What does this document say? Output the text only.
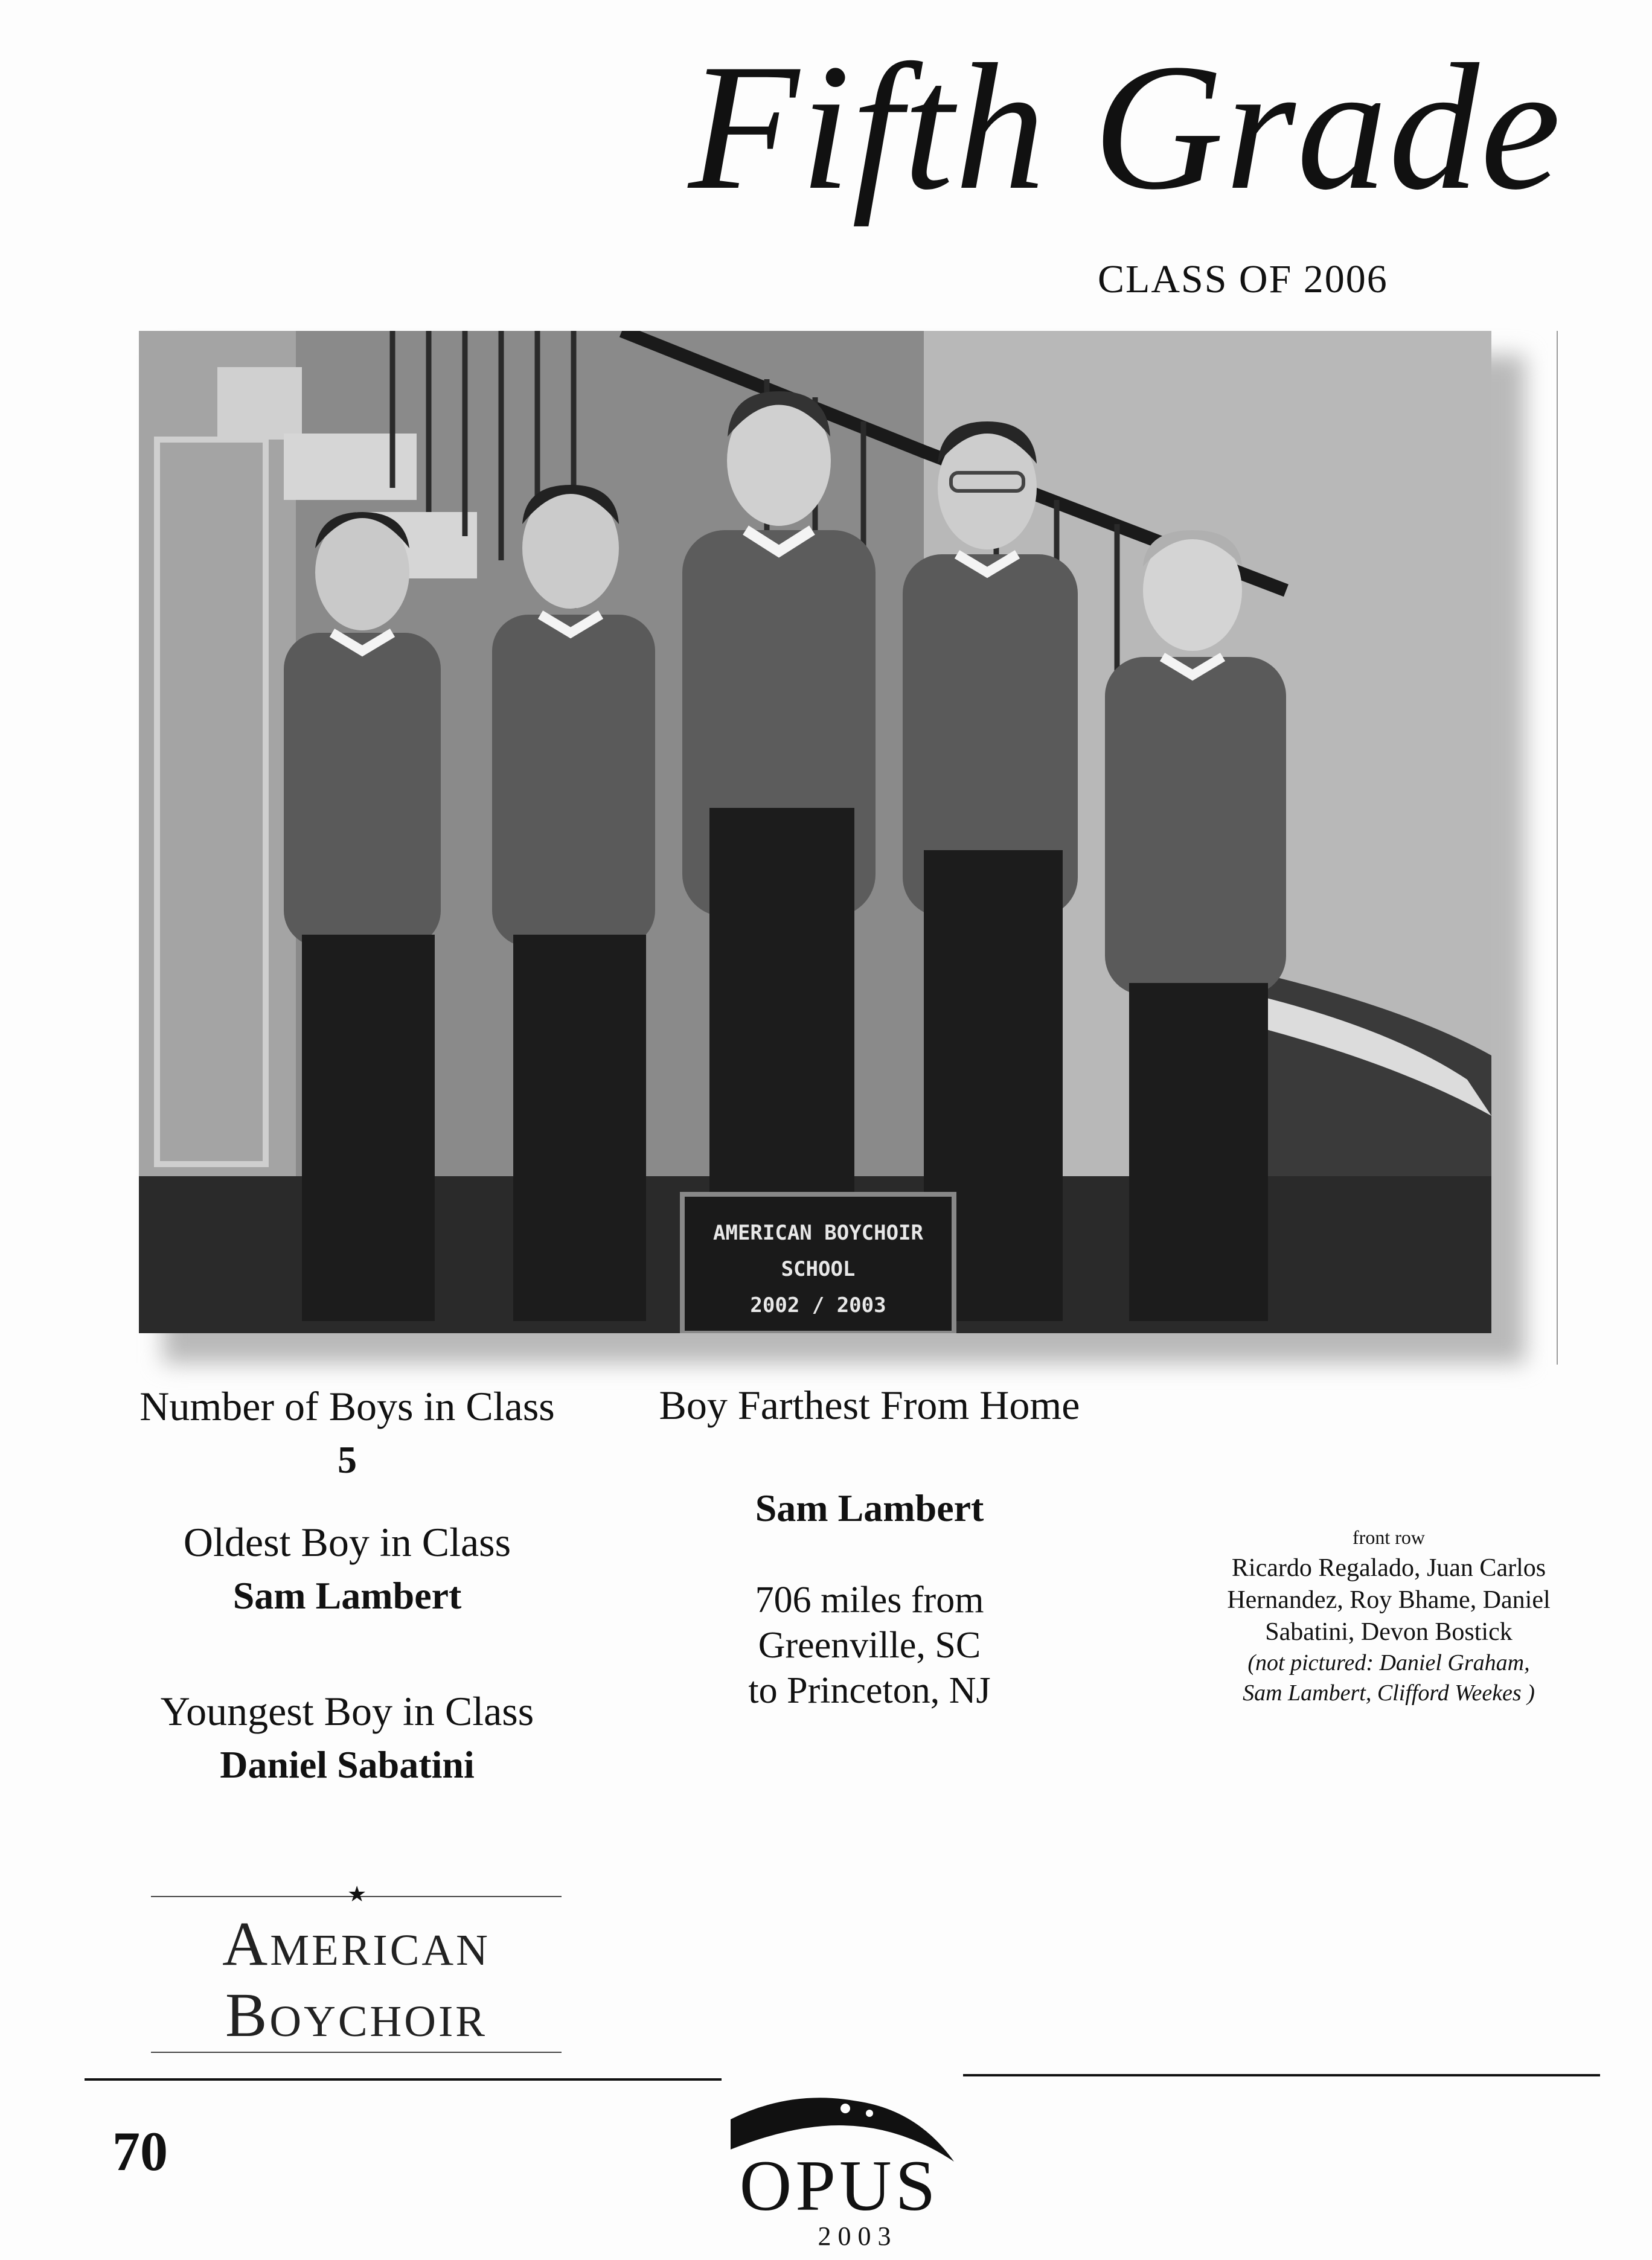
Fifth Grade
CLASS OF 2006
AMERICAN BOYCHOIR
SCHOOL
2002 / 2003
Number of Boys in Class
5
Oldest Boy in Class
Sam Lambert
Youngest Boy in Class
Daniel Sabatini
Boy Farthest From Home
Sam Lambert
706 miles from
Greenville, SC
to Princeton, NJ
front row
Ricardo Regalado, Juan Carlos
Hernandez, Roy Bhame, Daniel
Sabatini, Devon Bostick
(not pictured: Daniel Graham,
Sam Lambert, Clifford Weekes )
★
American
Boychoir
70	OPUS
2 0 0 3
